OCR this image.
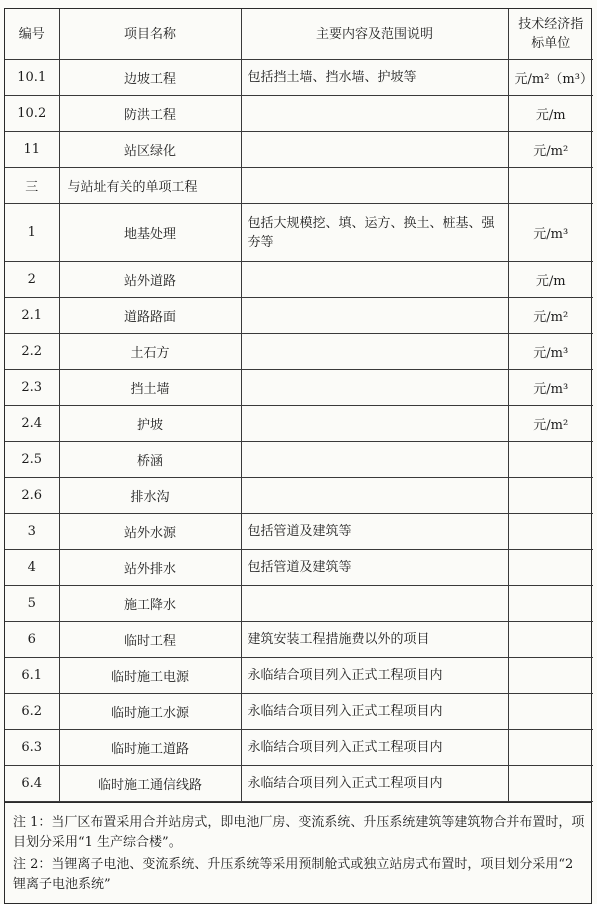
编号	项目名称	主要内容及范围说明	技术经济指标单位
10.1	边坡工程	包括挡土墙、挡水墙、护坡等	元/m²（m³）
10.2	防洪工程		元/m
11	站区绿化		元/m²
三	与站址有关的单项工程		
1	地基处理	包括大规模挖、填、运方、换土、桩基、强夯等	元/m³
2	站外道路		元/m
2.1	道路路面		元/m²
2.2	土石方		元/m³
2.3	挡土墙		元/m³
2.4	护坡		元/m²
2.5	桥涵		
2.6	排水沟		
3	站外水源	包括管道及建筑等	
4	站外排水	包括管道及建筑等	
5	施工降水		
6	临时工程	建筑安装工程措施费以外的项目	
6.1	临时施工电源	永临结合项目列入正式工程项目内	
6.2	临时施工水源	永临结合项目列入正式工程项目内	
6.3	临时施工道路	永临结合项目列入正式工程项目内	
6.4	临时施工通信线路	永临结合项目列入正式工程项目内	

注 1：当厂区布置采用合并站房式，即电池厂房、变流系统、升压系统建筑等建筑物合并布置时，项目划分采用“1 生产综合楼”。

注 2：当锂离子电池、变流系统、升压系统等采用预制舱式或独立站房式布置时，项目划分采用“2 锂离子电池系统”
